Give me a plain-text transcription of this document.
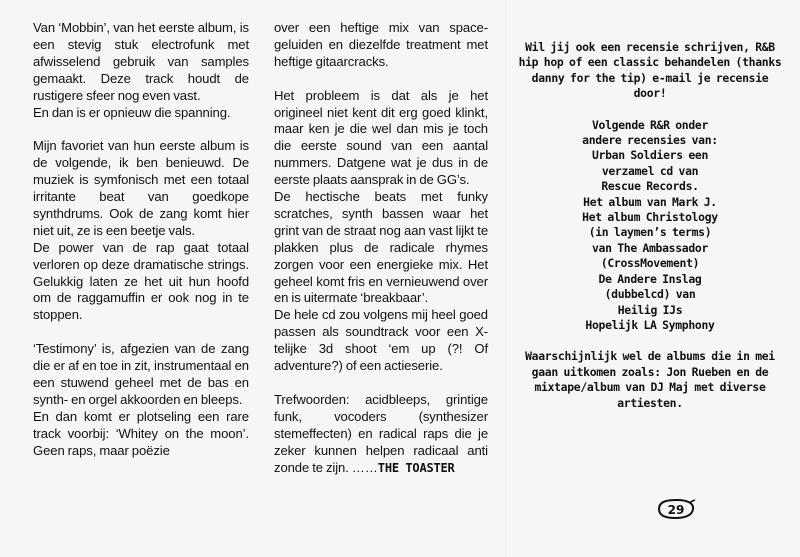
Van ‘Mobbin’, van het eerste album, is een stevig stuk electrofunk met afwisselend gebruik van samples gemaakt. Deze track houdt de rustigere sfeer nog even vast.

En dan is er opnieuw die spanning.

Mijn favoriet van hun eerste album is de volgende, ik ben benieuwd. De muziek is symfonisch met een totaal irritante beat van goedkope synthdrums. Ook de zang komt hier niet uit, ze is een beetje vals.

De power van de rap gaat totaal verloren op deze dramatische strings. Gelukkig laten ze het uit hun hoofd om de raggamuffin er ook nog in te stoppen.

‘Testimony’ is, afgezien van de zang die er af en toe in zit, instrumentaal en een stuwend geheel met de bas en synth- en orgel akkoorden en bleeps.

En dan komt er plotseling een rare track voorbij: ‘Whitey on the moon’. Geen raps, maar poëzie

over een heftige mix van space-geluiden en diezelfde treatment met heftige gitaarcracks.

Het probleem is dat als je het origineel niet kent dit erg goed klinkt, maar ken je die wel dan mis je toch die eerste sound van een aantal nummers. Datgene wat je dus in de eerste plaats aansprak in de GG’s.

De hectische beats met funky scratches, synth bassen waar het grint van de straat nog aan vast lijkt te plakken plus de radicale rhymes zorgen voor een energieke mix. Het geheel komt fris en vernieuwend over en is uitermate ‘breakbaar’.

De hele cd zou volgens mij heel goed passen als soundtrack voor een X-telijke 3d shoot ‘em up (?! Of adventure?) of een actieserie.

Trefwoorden: acidbleeps, grintige funk, vocoders (synthesizer stemeffecten) en radical raps die je zeker kunnen helpen radicaal anti zonde te zijn. ……THE TOASTER

Wil jij ook een recensie schrijven, R&B hip hop of een classic behandelen (thanks danny for the tip) e-mail je recensie door!

Volgende R&R onder

andere recensies van:

Urban Soldiers een

verzamel cd van

Rescue Records.

Het album van Mark J.

Het album Christology

(in laymen’s terms)

van The Ambassador

(CrossMovement)

De Andere Inslag

(dubbelcd) van

Heilig IJs

Hopelijk LA Symphony

Waarschijnlijk wel de albums die in mei gaan uitkomen zoals: Jon Rueben en de mixtape/album van DJ Maj met diverse artiesten.

29
